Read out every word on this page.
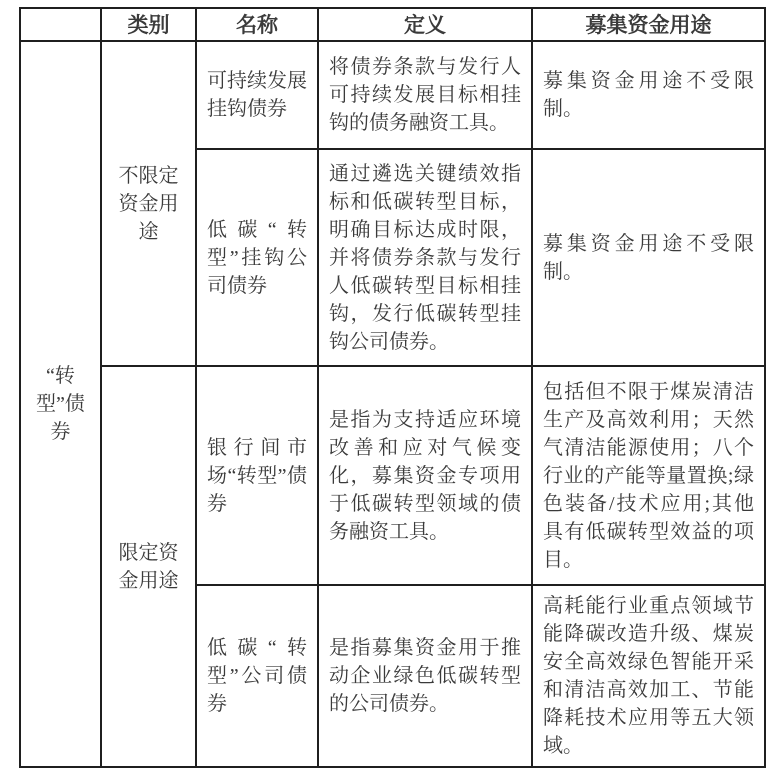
	类别	名称	定义	募集资金用途
“转型”债券	不限定资金用途	可持续发展挂钩债券	将债券条款与发行人可持续发展目标相挂钩的债务融资工具。	募集资金用途不受限制。
		低碳“转型”挂钩公司债券	通过遴选关键绩效指标和低碳转型目标，明确目标达成时限，并将债券条款与发行人低碳转型目标相挂钩，发行低碳转型挂钩公司债券。	募集资金用途不受限制。
	限定资金用途	银行间市场“转型”债券	是指为支持适应环境改善和应对气候变化，募集资金专项用于低碳转型领域的债务融资工具。	包括但不限于煤炭清洁生产及高效利用；天然气清洁能源使用；八个行业的产能等量置换;绿色装备/技术应用;其他具有低碳转型效益的项目。
		低碳“转型”公司债券	是指募集资金用于推动企业绿色低碳转型的公司债券。	高耗能行业重点领域节能降碳改造升级、煤炭安全高效绿色智能开采和清洁高效加工、节能降耗技术应用等五大领域。
